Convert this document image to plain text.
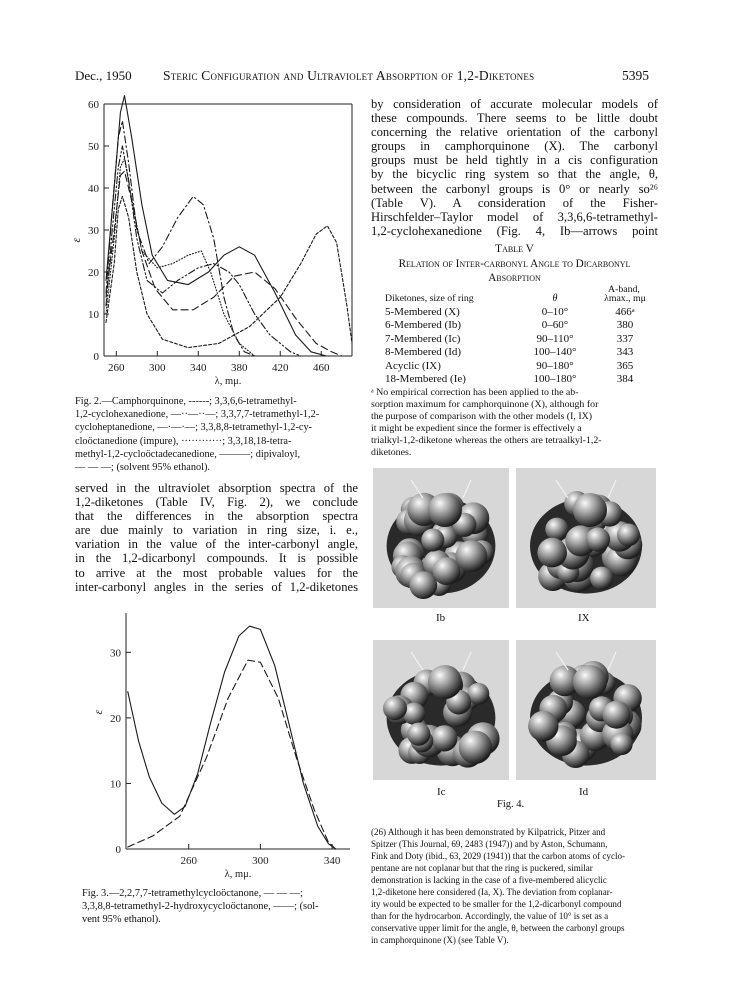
Dec., 1950 Steric Configuration and Ultraviolet Absorption of 1,2-Diketones	5395
0
10
20
30
40
50
60
260 300 340 380 420 460
λ, mμ.
ε
Fig. 2.—Camphorquinone, ------; 3,3,6,6-tetramethyl-
1,2-cyclohexanedione, —··—··—; 3,3,7,7-tetramethyl-1,2-
cycloheptanedione, —·—·—; 3,3,8,8-tetramethyl-1,2-cy-
cloöctanedione (impure), ············; 3,3,18,18-tetra-
methyl-1,2-cycloöctadecanedione, ———; dipivaloyl,
— — —; (solvent 95% ethanol).
served in the ultraviolet absorption spectra of the
1,2-diketones (Table IV, Fig. 2), we conclude
that the differences in the absorption spectra
are due mainly to variation in ring size, i. e.,
variation in the value of the inter-carbonyl angle,
in the 1,2-dicarbonyl compounds. It is possible
to arrive at the most probable values for the
inter-carbonyl angles in the series of 1,2-diketones
0
10
20
30
260	300	340
λ, mμ.
ε
Fig. 3.—2,2,7,7-tetramethylcycloöctanone, — — —;
3,3,8,8-tetramethyl-2-hydroxycycloöctanone, ——; (sol-
vent 95% ethanol).
by consideration of accurate molecular models of
these compounds. There seems to be little doubt
concerning the relative orientation of the carbonyl
groups in camphorquinone (X). The carbonyl
groups must be held tightly in a cis configuration
by the bicyclic ring system so that the angle, θ,
between the carbonyl groups is 0° or nearly so²⁶
(Table V). A consideration of the Fisher-
Hirschfelder–Taylor model of 3,3,6,6-tetramethyl-
1,2-cyclohexanedione (Fig. 4, Ib—arrows point
Table V
Relation of Inter-carbonyl Angle to Dicarbonyl
Absorption
A-band,
Diketones, size of ring	θ	λmax., mμ
5-Membered (X)	0–10°	466ᵃ
6-Membered (Ib)	0–60°	380
7-Membered (Ic)	90–110°	337
8-Membered (Id)	100–140°	343
Acyclic (IX)	90–180°	365
18-Membered (Ie)	100–180°	384
ᵃ No empirical correction has been applied to the ab-
sorption maximum for camphorquinone (X), although for
the purpose of comparison with the other models (I, IX)
it might be expedient since the former is effectively a
trialkyl-1,2-diketone whereas the others are tetraalkyl-1,2-
diketones.
Ib	IX
Ic	Id
Fig. 4.
(26) Although it has been demonstrated by Kilpatrick, Pitzer and
Spitzer (This Journal, 69, 2483 (1947)) and by Aston, Schumann,
Fink and Doty (ibid., 63, 2029 (1941)) that the carbon atoms of cyclo-
pentane are not coplanar but that the ring is puckered, similar
demonstration is lacking in the case of a five-membered alicyclic
1,2-diketone here considered (Ia, X). The deviation from coplanar-
ity would be expected to be smaller for the 1,2-dicarbonyl compound
than for the hydrocarbon. Accordingly, the value of 10° is set as a
conservative upper limit for the angle, θ, between the carbonyl groups
in camphorquinone (X) (see Table V).
